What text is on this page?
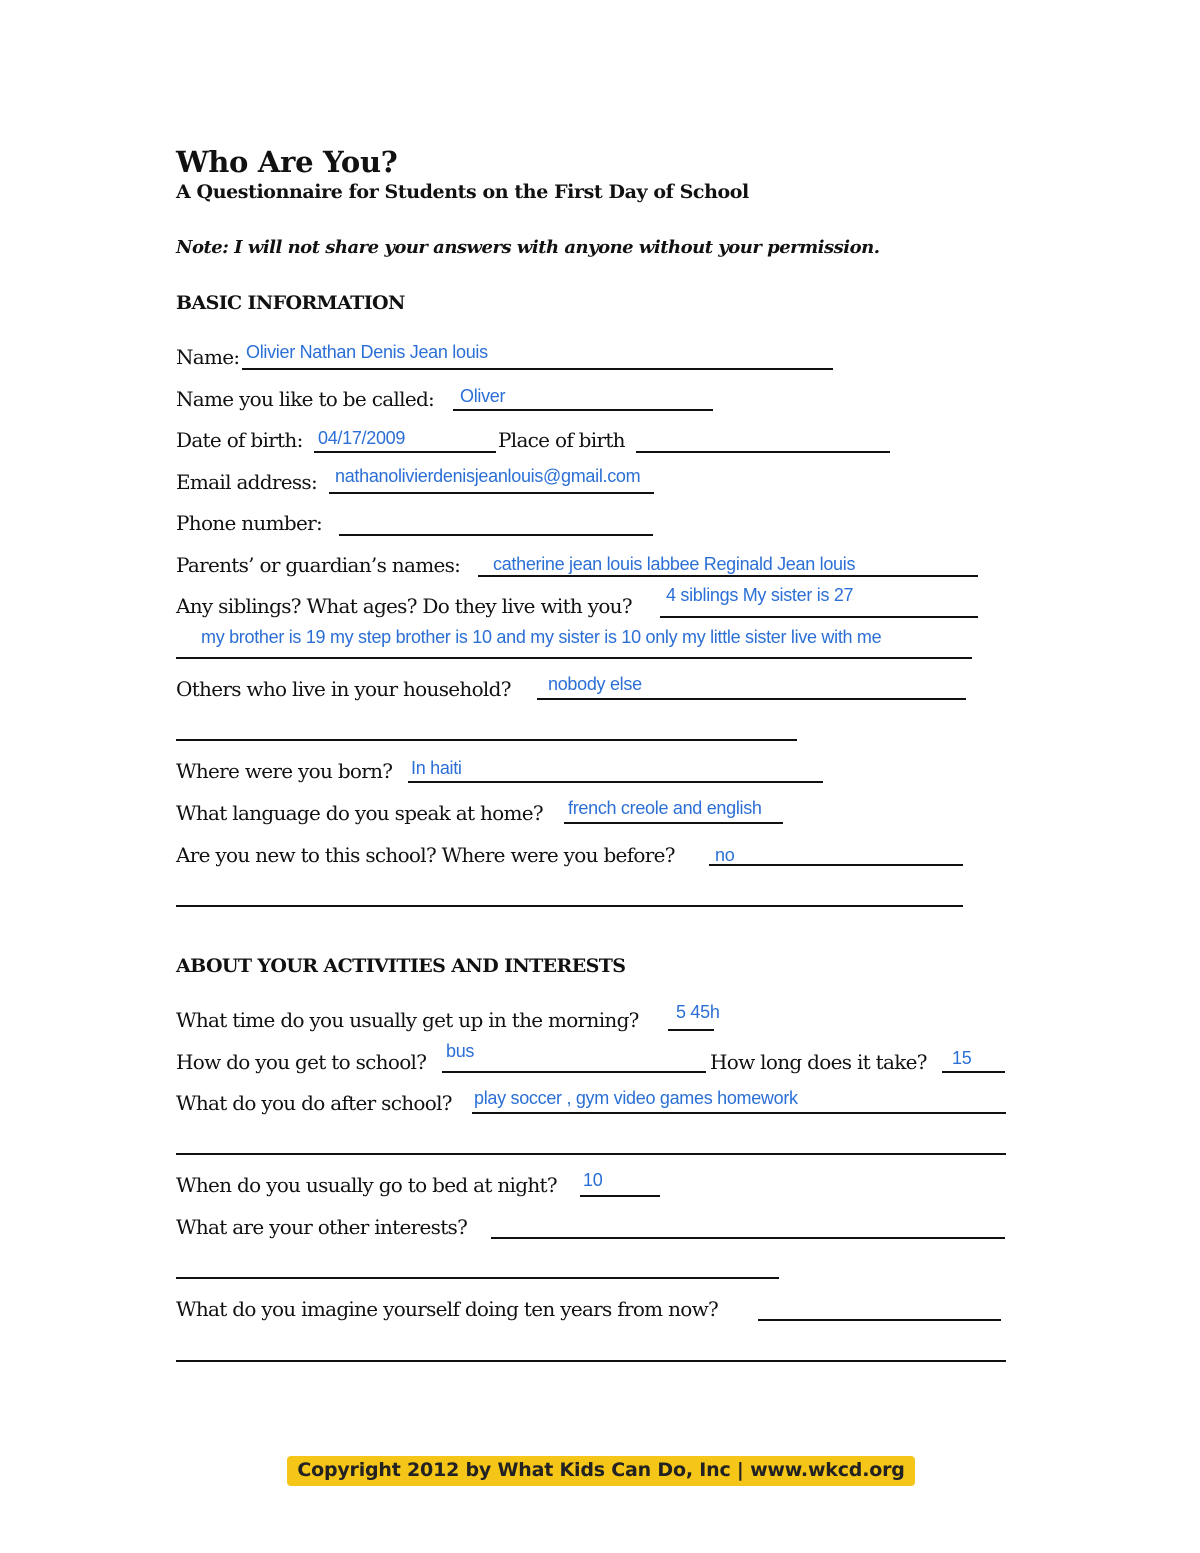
Who Are You?
A Questionnaire for Students on the First Day of School
Note: I will not share your answers with anyone without your permission.
BASIC INFORMATION
Name: Olivier Nathan Denis Jean louis
Name you like to be called: Oliver
Date of birth: 04/17/2009	Place of birth
Email address: nathanolivierdenisjeanlouis@gmail.com
Phone number:
Parents’ or guardian’s names: catherine jean louis labbee Reginald Jean louis
Any siblings? What ages? Do they live with you? 4 siblings My sister is 27
my brother is 19 my step brother is 10 and my sister is 10 only my little sister live with me
Others who live in your household? nobody else
Where were you born? In haiti
What language do you speak at home? french creole and english
Are you new to this school? Where were you before? no
ABOUT YOUR ACTIVITIES AND INTERESTS
What time do you usually get up in the morning? 5 45h
How do you get to school? bus	How long does it take? 15
What do you do after school? play soccer , gym video games homework
When do you usually go to bed at night? 10
What are your other interests?
What do you imagine yourself doing ten years from now?
Copyright 2012 by What Kids Can Do, Inc | www.wkcd.org
